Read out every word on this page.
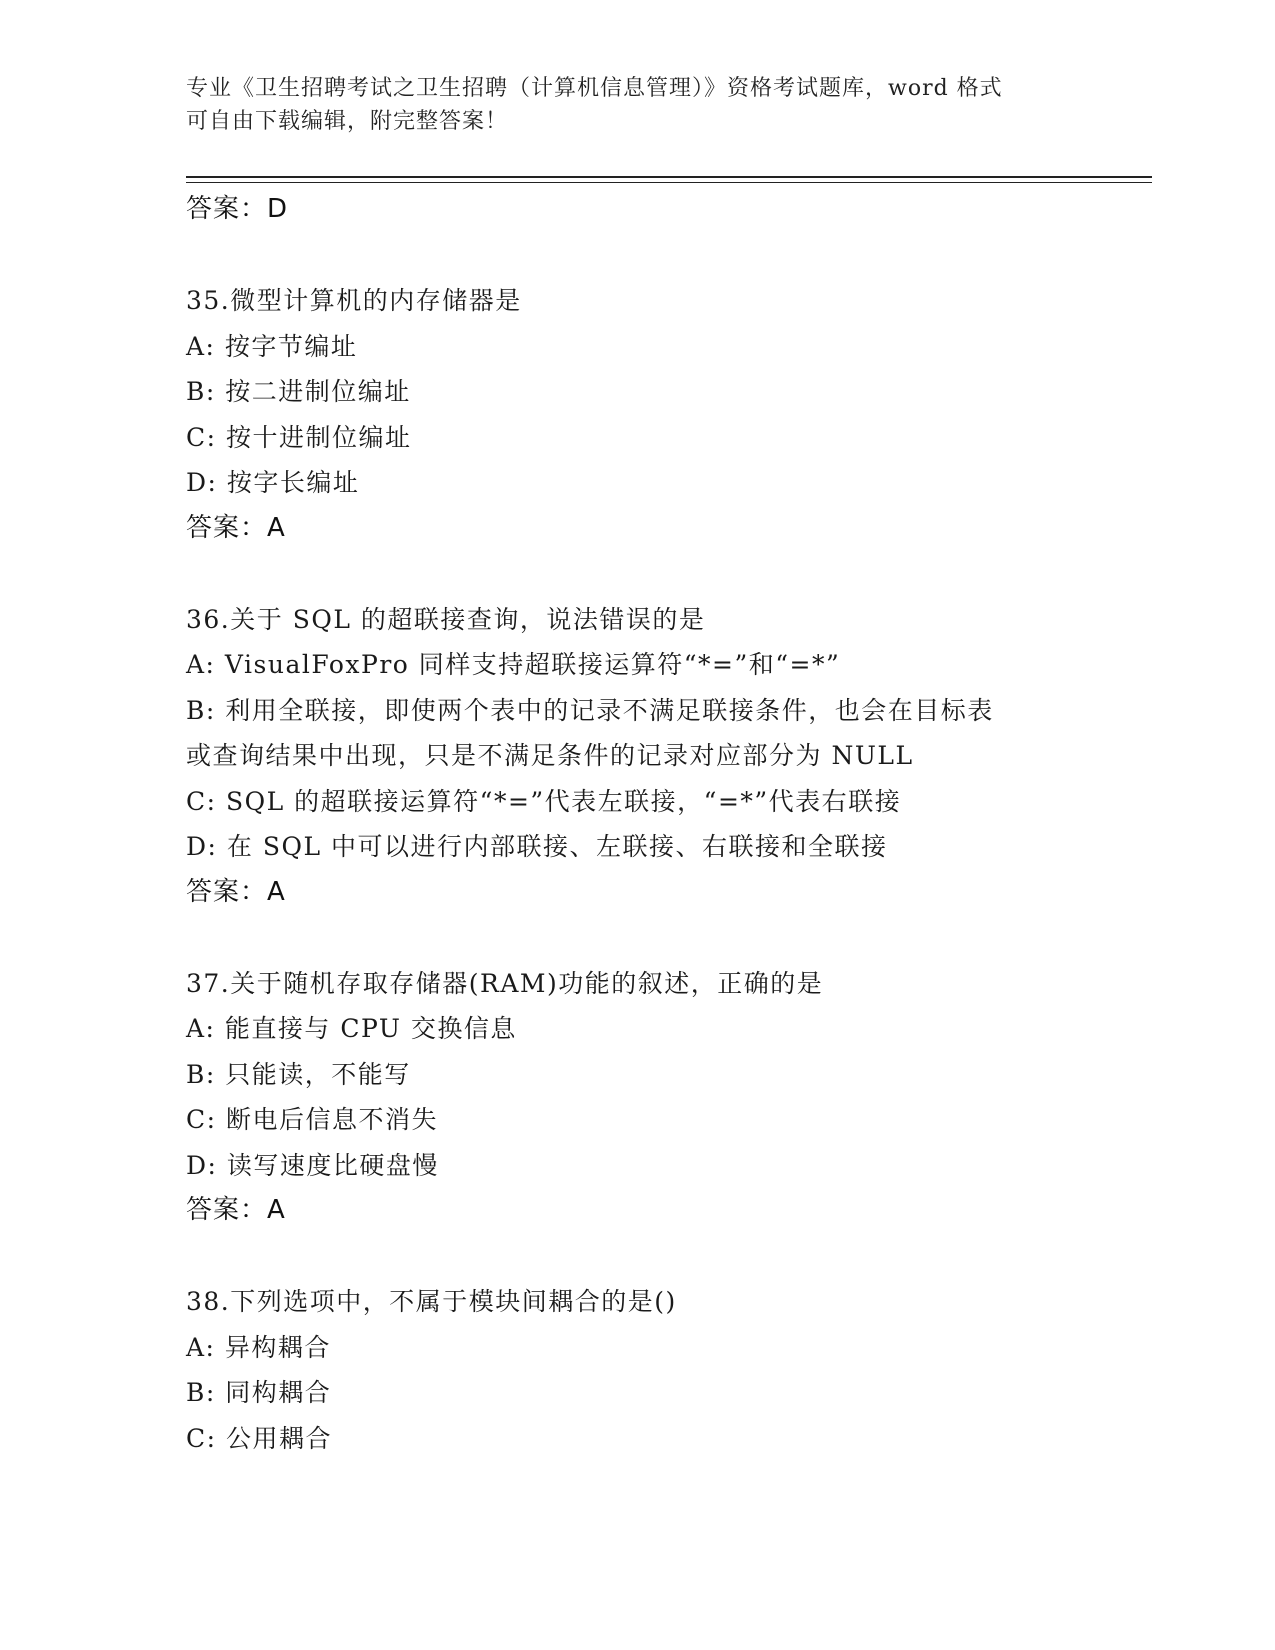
专业《卫生招聘考试之卫生招聘（计算机信息管理）》资格考试题库，word 格式
可自由下载编辑，附完整答案！
答案：D
35.微型计算机的内存储器是
A: 按字节编址
B: 按二进制位编址
C: 按十进制位编址
D: 按字长编址
答案：A
36.关于 SQL 的超联接查询，说法错误的是
A: VisualFoxPro 同样支持超联接运算符“*=”和“=*”
B: 利用全联接，即使两个表中的记录不满足联接条件，也会在目标表
或查询结果中出现，只是不满足条件的记录对应部分为 NULL
C: SQL 的超联接运算符“*=”代表左联接，“=*”代表右联接
D: 在 SQL 中可以进行内部联接、左联接、右联接和全联接
答案：A
37.关于随机存取存储器(RAM)功能的叙述，正确的是
A: 能直接与 CPU 交换信息
B: 只能读，不能写
C: 断电后信息不消失
D: 读写速度比硬盘慢
答案：A
38.下列选项中，不属于模块间耦合的是()
A: 异构耦合
B: 同构耦合
C: 公用耦合
